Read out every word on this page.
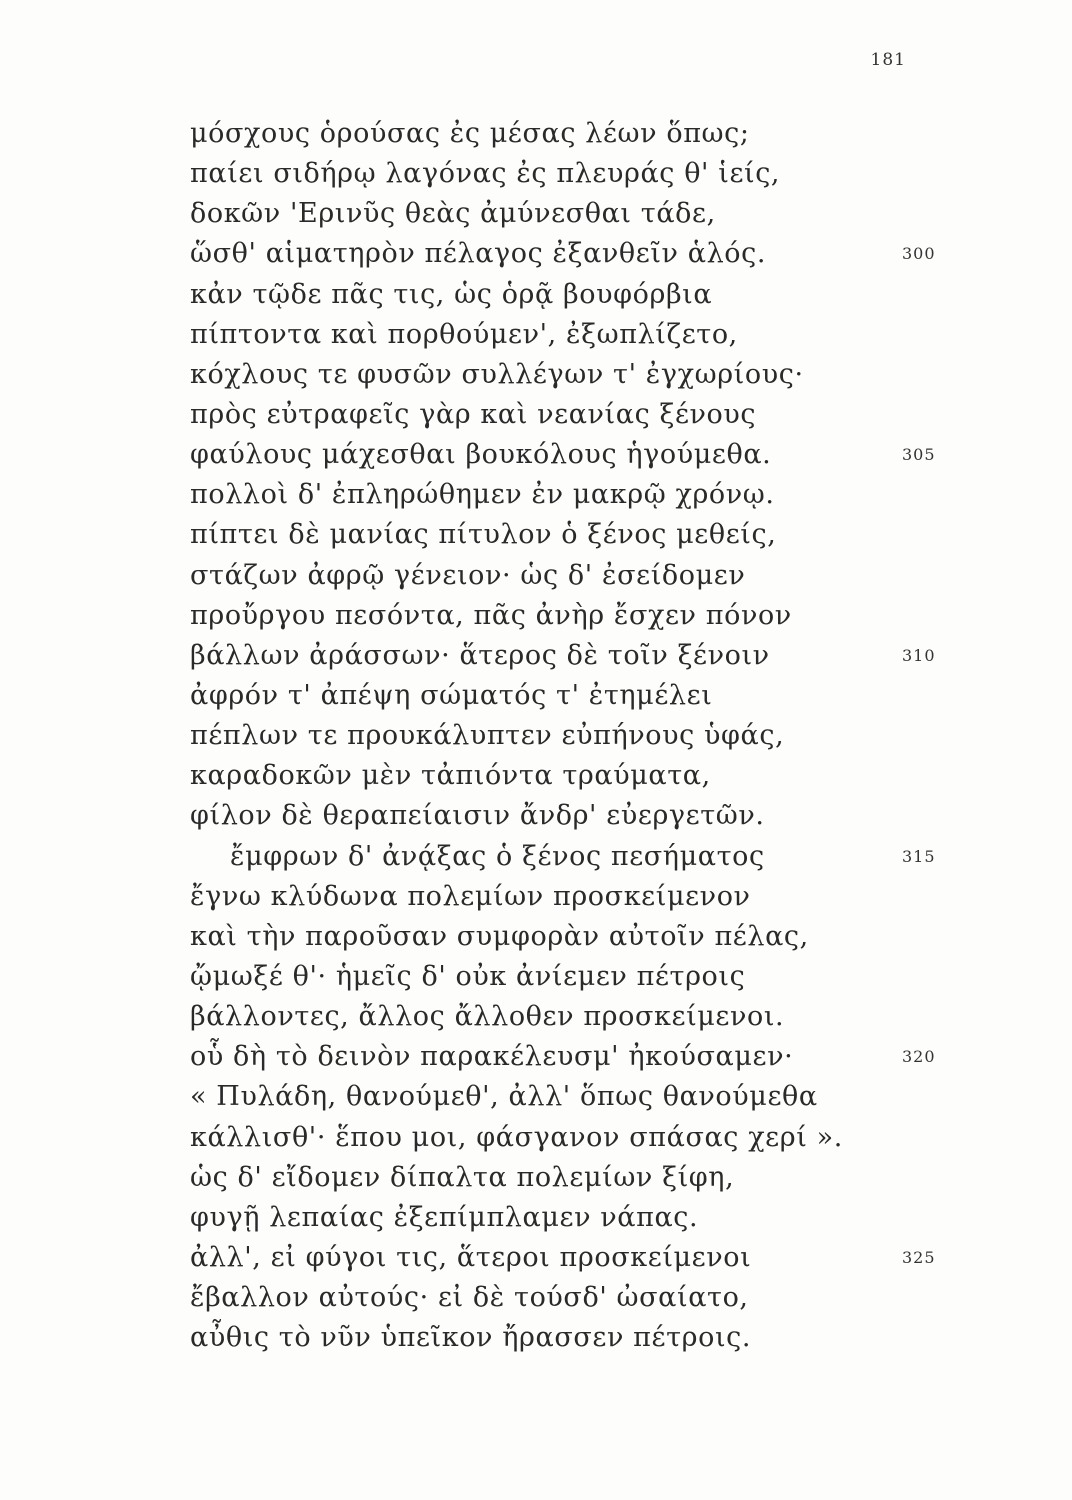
181
μόσχους ὁρούσας ἐς μέσας λέων ὅπως;
παίει σιδήρῳ λαγόνας ἐς πλευράς θ' ἱείς,
δοκῶν 'Ερινῦς θεὰς ἀμύνεσθαι τάδε,
ὥσθ' αἱματηρὸν πέλαγος ἐξανθεῖν ἁλός.	300
κἀν τῷδε πᾶς τις, ὡς ὁρᾷ βουφόρβια
πίπτοντα καὶ πορθούμεν', ἐξωπλίζετο,
κόχλους τε φυσῶν συλλέγων τ' ἐγχωρίους·
πρὸς εὐτραφεῖς γὰρ καὶ νεανίας ξένους
φαύλους μάχεσθαι βουκόλους ἡγούμεθα.	305
πολλοὶ δ' ἐπληρώθημεν ἐν μακρῷ χρόνῳ.
πίπτει δὲ μανίας πίτυλον ὁ ξένος μεθείς,
στάζων ἀφρῷ γένειον· ὡς δ' ἐσείδομεν
προὔργου πεσόντα, πᾶς ἀνὴρ ἔσχεν πόνον
βάλλων ἀράσσων· ἅτερος δὲ τοῖν ξένοιν	310
ἀφρόν τ' ἀπέψη σώματός τ' ἐτημέλει
πέπλων τε προυκάλυπτεν εὐπήνους ὑφάς,
καραδοκῶν μὲν τἀπιόντα τραύματα,
φίλον δὲ θεραπείαισιν ἄνδρ' εὐεργετῶν.
ἔμφρων δ' ἀνᾴξας ὁ ξένος πεσήματος	315
ἔγνω κλύδωνα πολεμίων προσκείμενον
καὶ τὴν παροῦσαν συμφορὰν αὐτοῖν πέλας,
ᾤμωξέ θ'· ἡμεῖς δ' οὐκ ἀνίεμεν πέτροις
βάλλοντες, ἄλλος ἄλλοθεν προσκείμενοι.
οὗ δὴ τὸ δεινὸν παρακέλευσμ' ἠκούσαμεν·	320
« Πυλάδη, θανούμεθ', ἀλλ' ὅπως θανούμεθα
κάλλισθ'· ἕπου μοι, φάσγανον σπάσας χερί ».
ὡς δ' εἴδομεν δίπαλτα πολεμίων ξίφη,
φυγῇ λεπαίας ἐξεπίμπλαμεν νάπας.
ἀλλ', εἰ φύγοι τις, ἅτεροι προσκείμενοι	325
ἔβαλλον αὐτούς· εἰ δὲ τούσδ' ὠσαίατο,
αὖθις τὸ νῦν ὑπεῖκον ἤρασσεν πέτροις.
